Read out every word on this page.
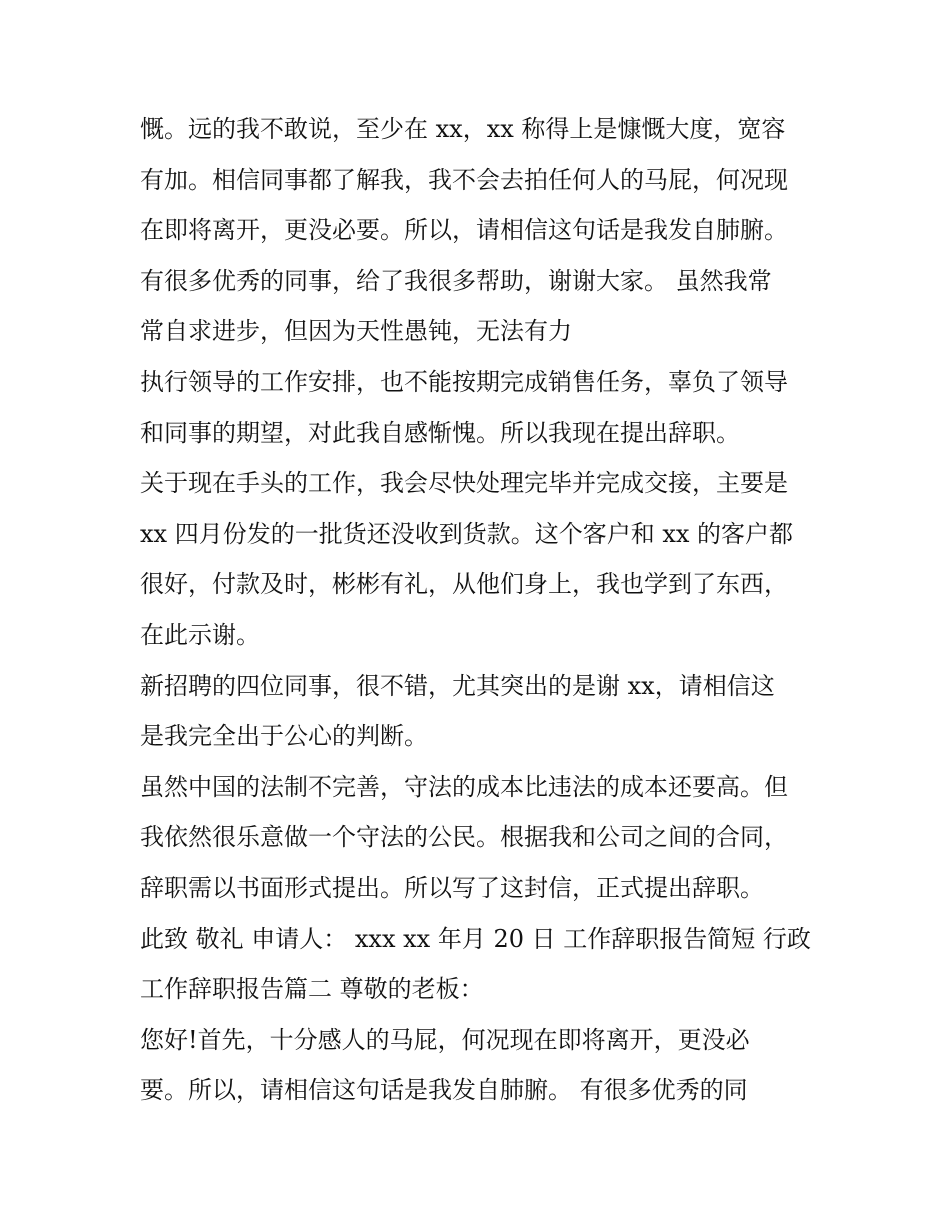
慨。远的我不敢说，至少在 xx，xx 称得上是慷慨大度，宽容

有加。相信同事都了解我，我不会去拍任何人的马屁，何况现

在即将离开，更没必要。所以，请相信这句话是我发自肺腑。

有很多优秀的同事，给了我很多帮助，谢谢大家。 虽然我常

常自求进步，但因为天性愚钝，无法有力

执行领导的工作安排，也不能按期完成销售任务，辜负了领导

和同事的期望，对此我自感惭愧。所以我现在提出辞职。

关于现在手头的工作，我会尽快处理完毕并完成交接，主要是

xx 四月份发的一批货还没收到货款。这个客户和 xx 的客户都

很好，付款及时，彬彬有礼，从他们身上，我也学到了东西，

在此示谢。

新招聘的四位同事，很不错，尤其突出的是谢 xx，请相信这

是我完全出于公心的判断。

虽然中国的法制不完善，守法的成本比违法的成本还要高。但

我依然很乐意做一个守法的公民。根据我和公司之间的合同，

辞职需以书面形式提出。所以写了这封信，正式提出辞职。

此致 敬礼 申请人： xxx xx 年月 20 日 工作辞职报告简短 行政

工作辞职报告篇二 尊敬的老板：

您好!首先，十分感人的马屁，何况现在即将离开，更没必

要。所以，请相信这句话是我发自肺腑。 有很多优秀的同
